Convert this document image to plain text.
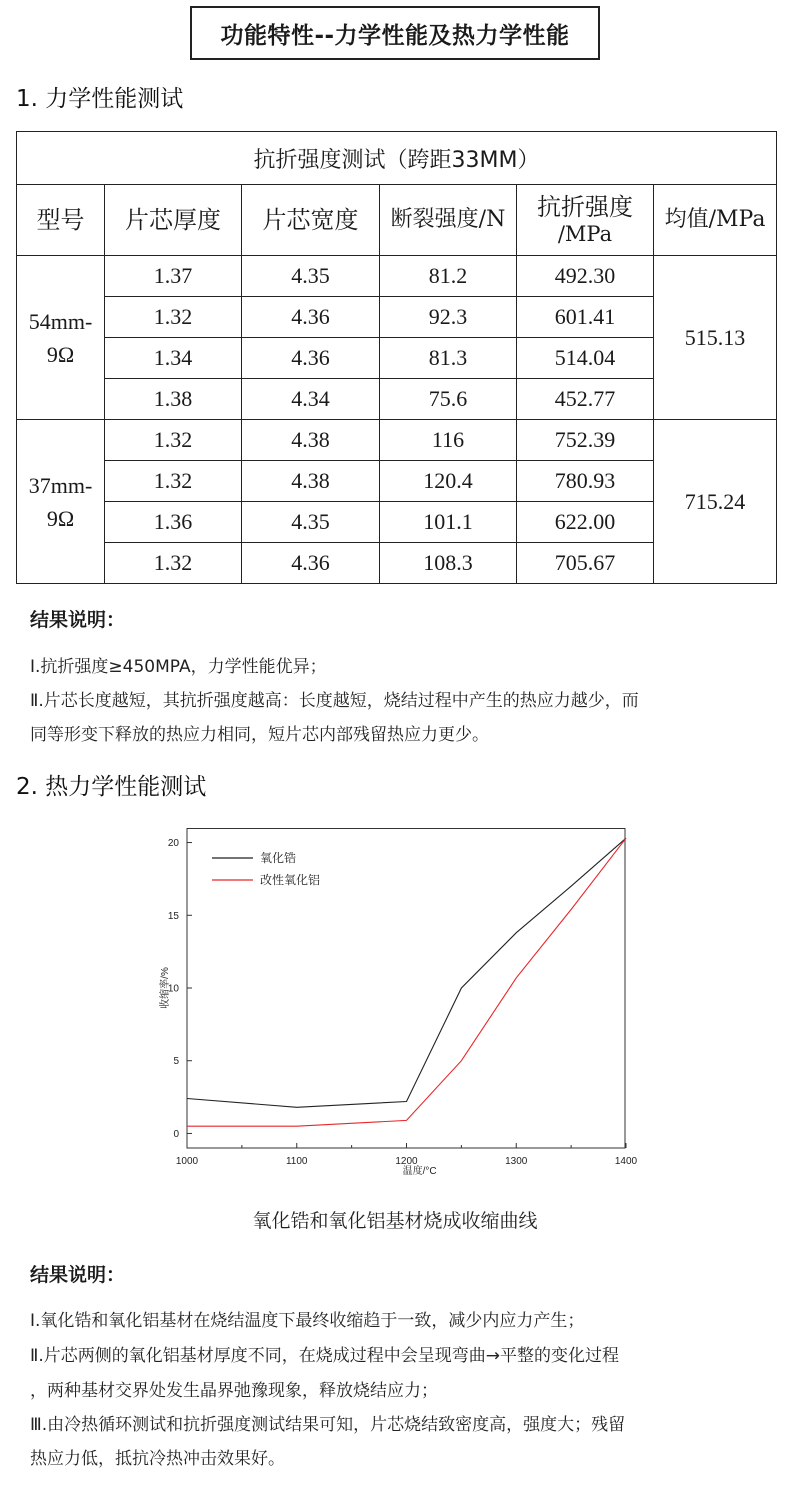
功能特性--力学性能及热力学性能
1. 力学性能测试
抗折强度测试（跨距33MM）					
型号	片芯厚度	片芯宽度	断裂强度/N	抗折强度
/MPa	均值/MPa

54mm-
9Ω	1.37	4.35	81.2	492.30	515.13
	1.32	4.36	92.3	601.41	
	1.34	4.36	81.3	514.04	
	1.38	4.34	75.6	452.77	

37mm-
9Ω	1.32	4.38	116	752.39	715.24
	1.32	4.38	120.4	780.93	
	1.36	4.35	101.1	622.00	
	1.32	4.36	108.3	705.67	
结果说明：
Ⅰ.抗折强度≥450MPA，力学性能优异；
Ⅱ.片芯长度越短，其抗折强度越高：长度越短，烧结过程中产生的热应力越少，而
同等形变下释放的热应力相同，短片芯内部残留热应力更少。
2. 热力学性能测试
1000	1100	1200	1300	1400
0
5
10
15
20
温度/°C
收缩率/%
氧化锆
改性氧化铝
氧化锆和氧化铝基材烧成收缩曲线
结果说明：
Ⅰ.氧化锆和氧化铝基材在烧结温度下最终收缩趋于一致，减少内应力产生；
Ⅱ.片芯两侧的氧化铝基材厚度不同，在烧成过程中会呈现弯曲→平整的变化过程
，两种基材交界处发生晶界弛豫现象，释放烧结应力；
Ⅲ.由冷热循环测试和抗折强度测试结果可知，片芯烧结致密度高，强度大；残留
热应力低，抵抗冷热冲击效果好。
